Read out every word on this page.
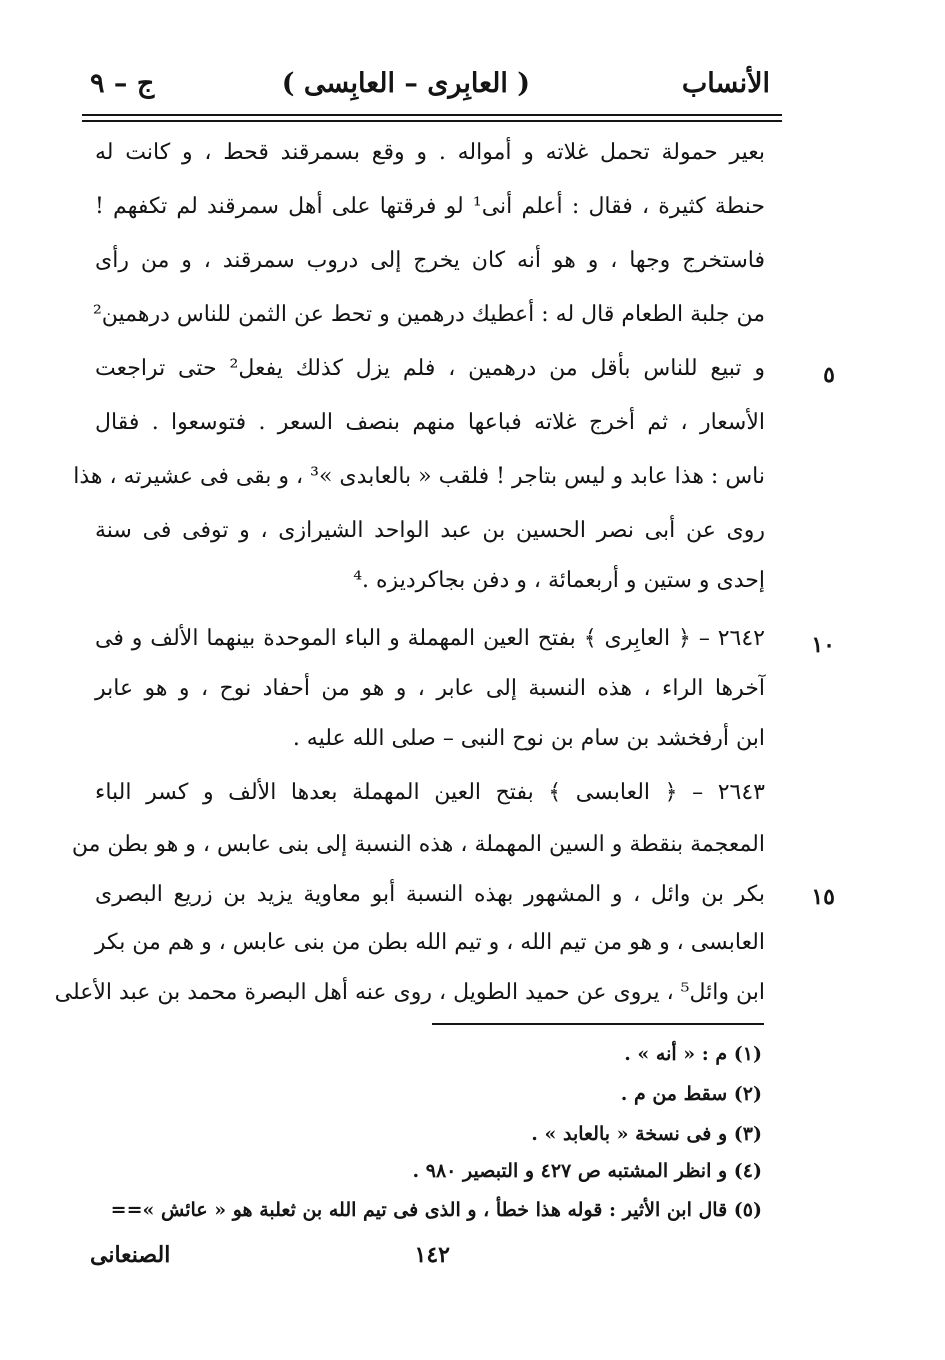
الأنساب
( العابِرى – العابِسى )
ج – ٩
بعير حمولة تحمل غلاته و أمواله . و وقع بسمرقند قحط ، و كانت له
حنطة كثيرة ، فقال : أعلم أنى¹ لو فرقتها على أهل سمرقند لم تكفهم !
فاستخرج وجها ، و هو أنه كان يخرج إلى دروب سمرقند ، و من رأى
من جلبة الطعام قال له : أعطيك درهمين و تحط عن الثمن للناس درهمين²
و تبيع للناس بأقل من درهمين ، فلم يزل كذلك يفعل² حتى تراجعت
الأسعار ، ثم أخرج غلاته فباعها منهم بنصف السعر . فتوسعوا . فقال
ناس : هذا عابد و ليس بتاجر ! فلقب « بالعابدى »³ ، و بقى فى عشيرته ، هذا
روى عن أبى نصر الحسين بن عبد الواحد الشيرازى ، و توفى فى سنة
إحدى و ستين و أربعمائة ، و دفن بجاكرديزه .⁴
٢٦٤٢ – ﴿ العابِرى ﴾ بفتح العين المهملة و الباء الموحدة بينهما الألف و فى
آخرها الراء ، هذه النسبة إلى عابر ، و هو من أحفاد نوح ، و هو عابر
ابن أرفخشد بن سام بن نوح النبى – صلى الله عليه .
٢٦٤٣ – ﴿ العابسى ﴾ بفتح العين المهملة بعدها الألف و كسر الباء
المعجمة بنقطة و السين المهملة ، هذه النسبة إلى بنى عابس ، و هو بطن من
بكر بن وائل ، و المشهور بهذه النسبة أبو معاوية يزيد بن زريع البصرى
العابسى ، و هو من تيم الله ، و تيم الله بطن من بنى عابس ، و هم من بكر
ابن وائل⁵ ، يروى عن حميد الطويل ، روى عنه أهل البصرة محمد بن عبد الأعلى
٥
١٠
١٥
(١) م : « أنه » .
(٢) سقط من م .
(٣) و فى نسخة « بالعابد » .
(٤) و انظر المشتبه ص ٤٢٧ و التبصير ٩٨٠ .
(٥) قال ابن الأثير : قوله هذا خطأ ، و الذى فى تيم الله بن ثعلبة هو « عائش »==
١٤٢
الصنعانى
